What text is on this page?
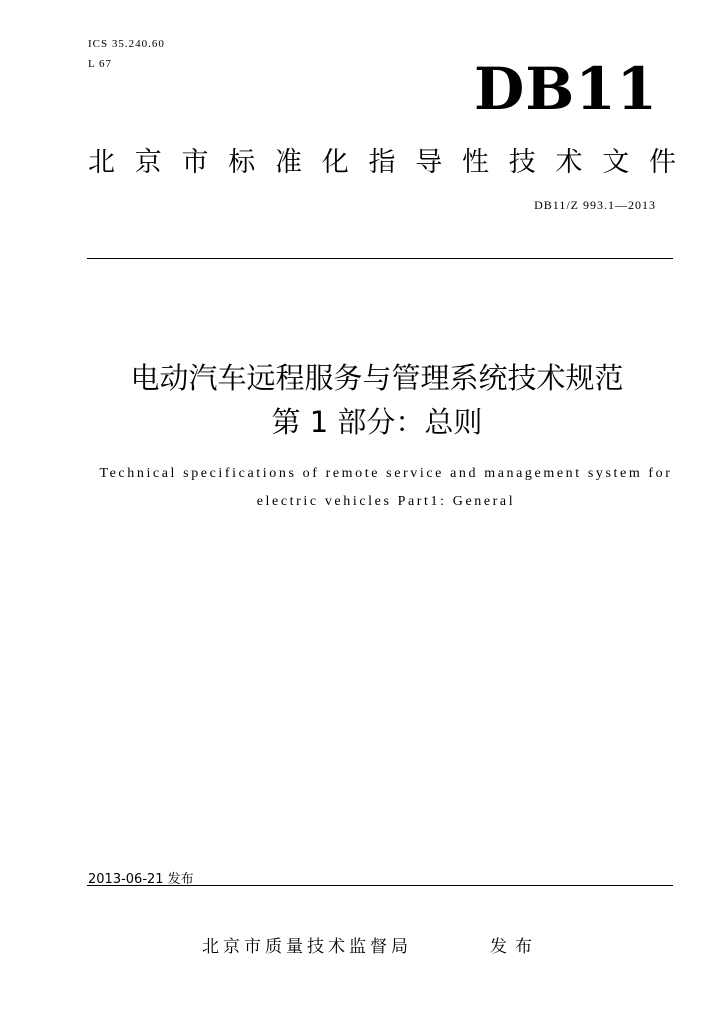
ICS 35.240.60
L 67	DB11
北 京 市 标 准 化 指 导 性 技 术 文 件
DB11/Z 993.1—2013
电动汽车远程服务与管理系统技术规范
第 1 部分：总则
Technical specifications of remote service and management system for
electric vehicles Part1: General
2013-06-21 发布
北京市质量技术监督局	发布
